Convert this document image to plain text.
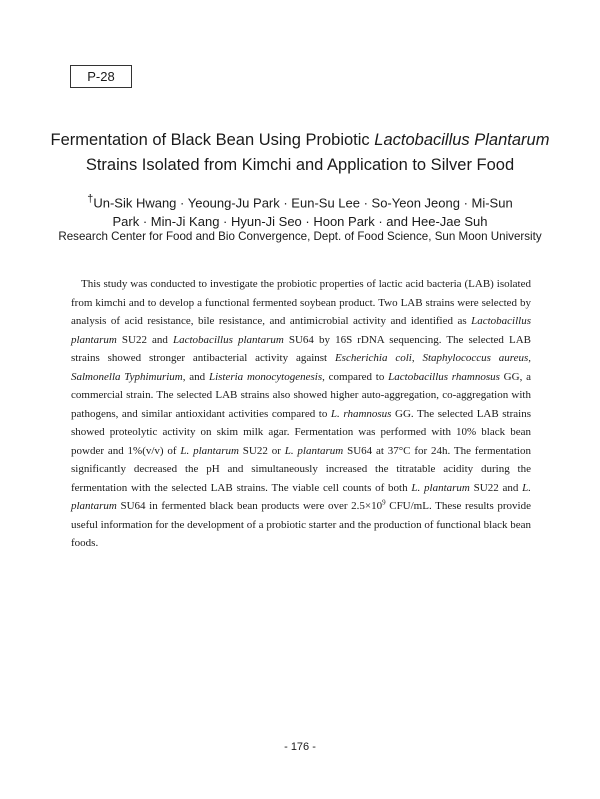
P-28
Fermentation of Black Bean Using Probiotic Lactobacillus Plantarum
Strains Isolated from Kimchi and Application to Silver Food

†Un-Sik Hwang · Yeoung-Ju Park · Eun-Su Lee · So-Yeon Jeong · Mi-Sun
Park · Min-Ji Kang · Hyun-Ji Seo · Hoon Park · and Hee-Jae Suh

Research Center for Food and Bio Convergence, Dept. of Food Science, Sun Moon University

This study was conducted to investigate the probiotic properties of lactic acid bacteria (LAB) isolated from kimchi and to develop a functional fermented soybean product. Two LAB strains were selected by analysis of acid resistance, bile resistance, and antimicrobial activity and identified as Lactobacillus plantarum SU22 and Lactobacillus plantarum SU64 by 16S rDNA sequencing. The selected LAB strains showed stronger antibacterial activity against Escherichia coli, Staphylococcus aureus, Salmonella Typhimurium, and Listeria monocytogenesis, compared to Lactobacillus rhamnosus GG, a commercial strain. The selected LAB strains also showed higher auto-aggregation, co-aggregation with pathogens, and similar antioxidant activities compared to L. rhamnosus GG. The selected LAB strains showed proteolytic activity on skim milk agar. Fermentation was performed with 10% black bean powder and 1%(v/v) of L. plantarum SU22 or L. plantarum SU64 at 37°C for 24h. The fermentation significantly decreased the pH and simultaneously increased the titratable acidity during the fermentation with the selected LAB strains. The viable cell counts of both L. plantarum SU22 and L. plantarum SU64 in fermented black bean products were over $2.5\times 10^9$ CFU/mL. These results provide useful information for the development of a probiotic starter and the production of functional black bean foods.

- 176 -
